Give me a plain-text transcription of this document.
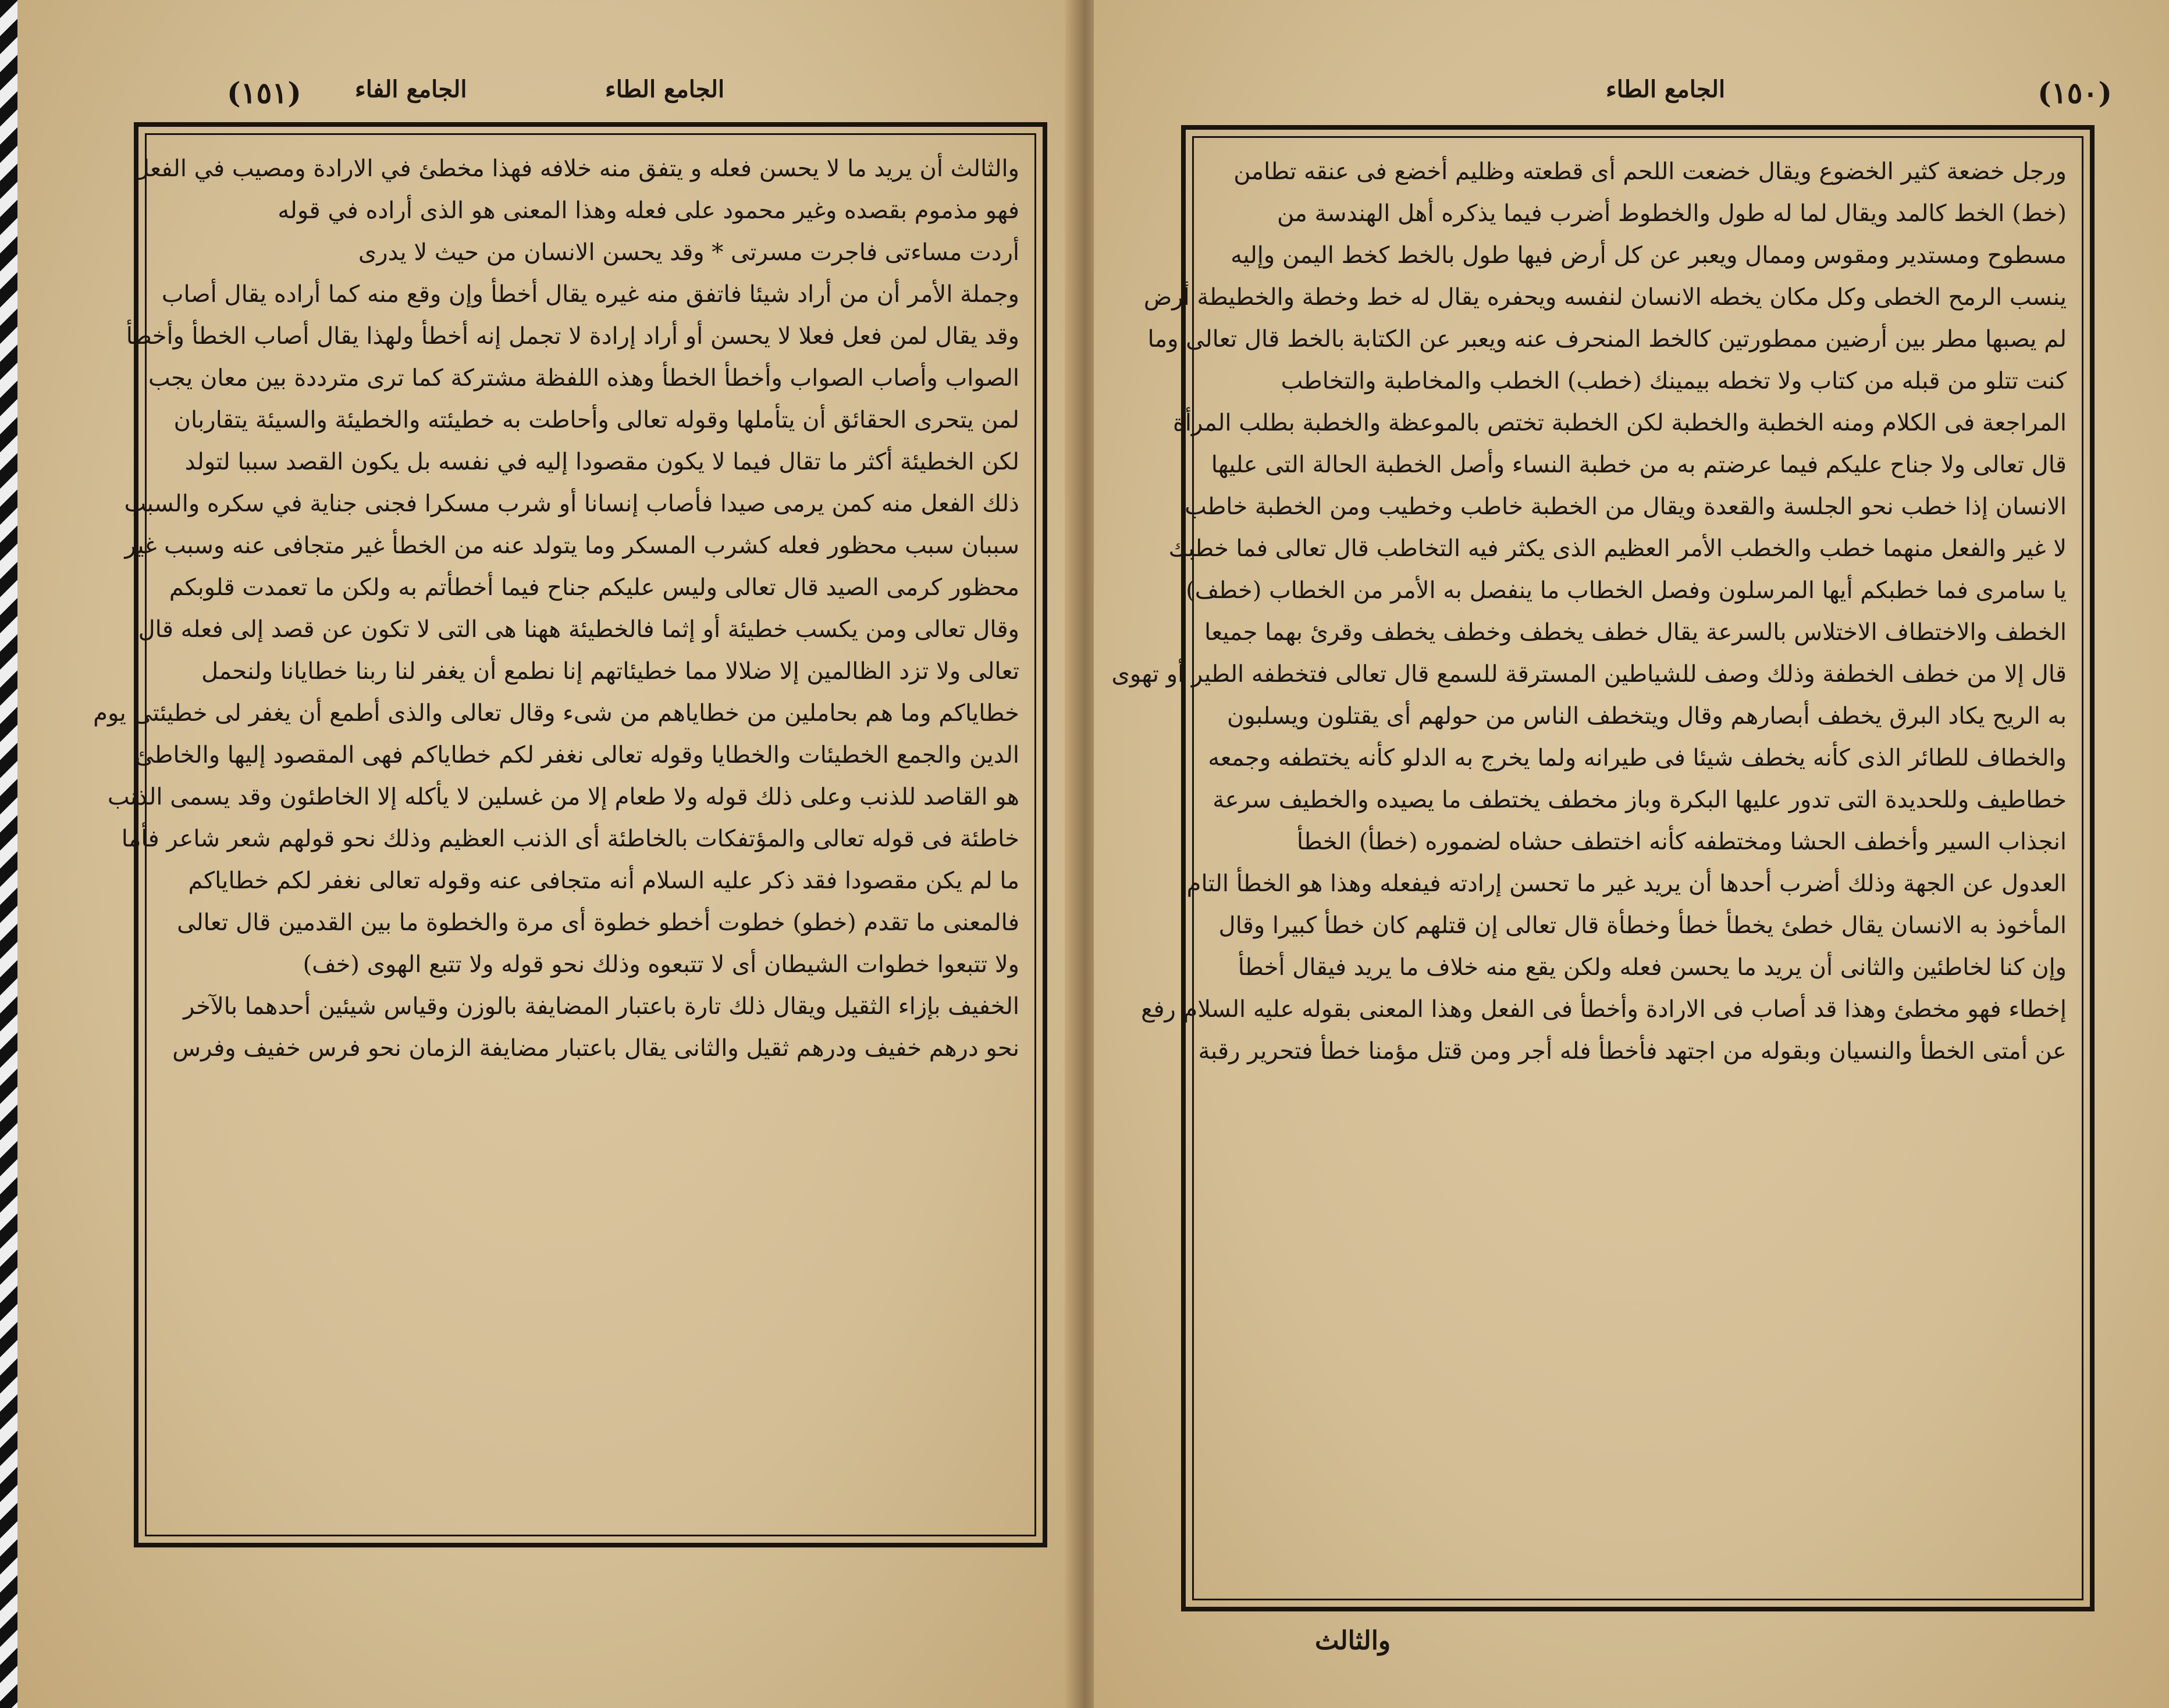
(١٥١) الجامع الفاء	الجامع الطاء
والثالث أن يريد ما لا يحسن فعله و يتفق منه خلافه فهذا مخطئ في الارادة ومصيب في الفعل
فهو مذموم بقصده وغير محمود على فعله وهذا المعنى هو الذى أراده في قوله
أردت مساءتى فاجرت مسرتى * وقد يحسن الانسان من حيث لا يدرى
وجملة الأمر أن من أراد شيئا فاتفق منه غيره يقال أخطأ وإن وقع منه كما أراده يقال أصاب
وقد يقال لمن فعل فعلا لا يحسن أو أراد إرادة لا تجمل إنه أخطأ ولهذا يقال أصاب الخطأ وأخطأ
الصواب وأصاب الصواب وأخطأ الخطأ وهذه اللفظة مشتركة كما ترى مترددة بين معان يجب
لمن يتحرى الحقائق أن يتأملها وقوله تعالى وأحاطت به خطيئته والخطيئة والسيئة يتقاربان
لكن الخطيئة أكثر ما تقال فيما لا يكون مقصودا إليه في نفسه بل يكون القصد سببا لتولد
ذلك الفعل منه كمن يرمى صيدا فأصاب إنسانا أو شرب مسكرا فجنى جناية في سكره والسبب
سببان سبب محظور فعله كشرب المسكر وما يتولد عنه من الخطأ غير متجافى عنه وسبب غير
محظور كرمى الصيد قال تعالى وليس عليكم جناح فيما أخطأتم به ولكن ما تعمدت قلوبكم
وقال تعالى ومن يكسب خطيئة أو إثما فالخطيئة ههنا هى التى لا تكون عن قصد إلى فعله قال
تعالى ولا تزد الظالمين إلا ضلالا مما خطيئاتهم إنا نطمع أن يغفر لنا ربنا خطايانا ولنحمل
خطاياكم وما هم بحاملين من خطاياهم من شىء وقال تعالى والذى أطمع أن يغفر لى خطيئتى يوم
الدين والجمع الخطيئات والخطايا وقوله تعالى نغفر لكم خطاياكم فهى المقصود إليها والخاطئ
هو القاصد للذنب وعلى ذلك قوله ولا طعام إلا من غسلين لا يأكله إلا الخاطئون وقد يسمى الذنب
خاطئة فى قوله تعالى والمؤتفكات بالخاطئة أى الذنب العظيم وذلك نحو قولهم شعر شاعر فأما
ما لم يكن مقصودا فقد ذكر عليه السلام أنه متجافى عنه وقوله تعالى نغفر لكم خطاياكم
فالمعنى ما تقدم (خطو) خطوت أخطو خطوة أى مرة والخطوة ما بين القدمين قال تعالى
ولا تتبعوا خطوات الشيطان أى لا تتبعوه وذلك نحو قوله ولا تتبع الهوى (خف)
الخفيف بإزاء الثقيل ويقال ذلك تارة باعتبار المضايفة بالوزن وقياس شيئين أحدهما بالآخر
نحو درهم خفيف ودرهم ثقيل والثانى يقال باعتبار مضايفة الزمان نحو فرس خفيف وفرس
(١٥٠)
الجامع الطاء
ورجل خضعة كثير الخضوع ويقال خضعت اللحم أى قطعته وظليم أخضع فى عنقه تطامن
(خط) الخط كالمد ويقال لما له طول والخطوط أضرب فيما يذكره أهل الهندسة من
مسطوح ومستدير ومقوس وممال ويعبر عن كل أرض فيها طول بالخط كخط اليمن وإليه
ينسب الرمح الخطى وكل مكان يخطه الانسان لنفسه ويحفره يقال له خط وخطة والخطيطة أرض
لم يصبها مطر بين أرضين ممطورتين كالخط المنحرف عنه ويعبر عن الكتابة بالخط قال تعالى وما
كنت تتلو من قبله من كتاب ولا تخطه بيمينك (خطب) الخطب والمخاطبة والتخاطب
المراجعة فى الكلام ومنه الخطبة والخطبة لكن الخطبة تختص بالموعظة والخطبة بطلب المرأة
قال تعالى ولا جناح عليكم فيما عرضتم به من خطبة النساء وأصل الخطبة الحالة التى عليها
الانسان إذا خطب نحو الجلسة والقعدة ويقال من الخطبة خاطب وخطيب ومن الخطبة خاطب
لا غير والفعل منهما خطب والخطب الأمر العظيم الذى يكثر فيه التخاطب قال تعالى فما خطبك
يا سامرى فما خطبكم أيها المرسلون وفصل الخطاب ما ينفصل به الأمر من الخطاب (خطف)
الخطف والاختطاف الاختلاس بالسرعة يقال خطف يخطف وخطف يخطف وقرئ بهما جميعا
قال إلا من خطف الخطفة وذلك وصف للشياطين المسترقة للسمع قال تعالى فتخطفه الطير أو تهوى
به الريح يكاد البرق يخطف أبصارهم وقال ويتخطف الناس من حولهم أى يقتلون ويسلبون
والخطاف للطائر الذى كأنه يخطف شيئا فى طيرانه ولما يخرج به الدلو كأنه يختطفه وجمعه
خطاطيف وللحديدة التى تدور عليها البكرة وباز مخطف يختطف ما يصيده والخطيف سرعة
انجذاب السير وأخطف الحشا ومختطفه كأنه اختطف حشاه لضموره (خطأ) الخطأ
العدول عن الجهة وذلك أضرب أحدها أن يريد غير ما تحسن إرادته فيفعله وهذا هو الخطأ التام
المأخوذ به الانسان يقال خطئ يخطأ خطأ وخطأة قال تعالى إن قتلهم كان خطأ كبيرا وقال
وإن كنا لخاطئين والثانى أن يريد ما يحسن فعله ولكن يقع منه خلاف ما يريد فيقال أخطأ
إخطاء فهو مخطئ وهذا قد أصاب فى الارادة وأخطأ فى الفعل وهذا المعنى بقوله عليه السلام رفع
عن أمتى الخطأ والنسيان وبقوله من اجتهد فأخطأ فله أجر ومن قتل مؤمنا خطأ فتحرير رقبة
والثالث
